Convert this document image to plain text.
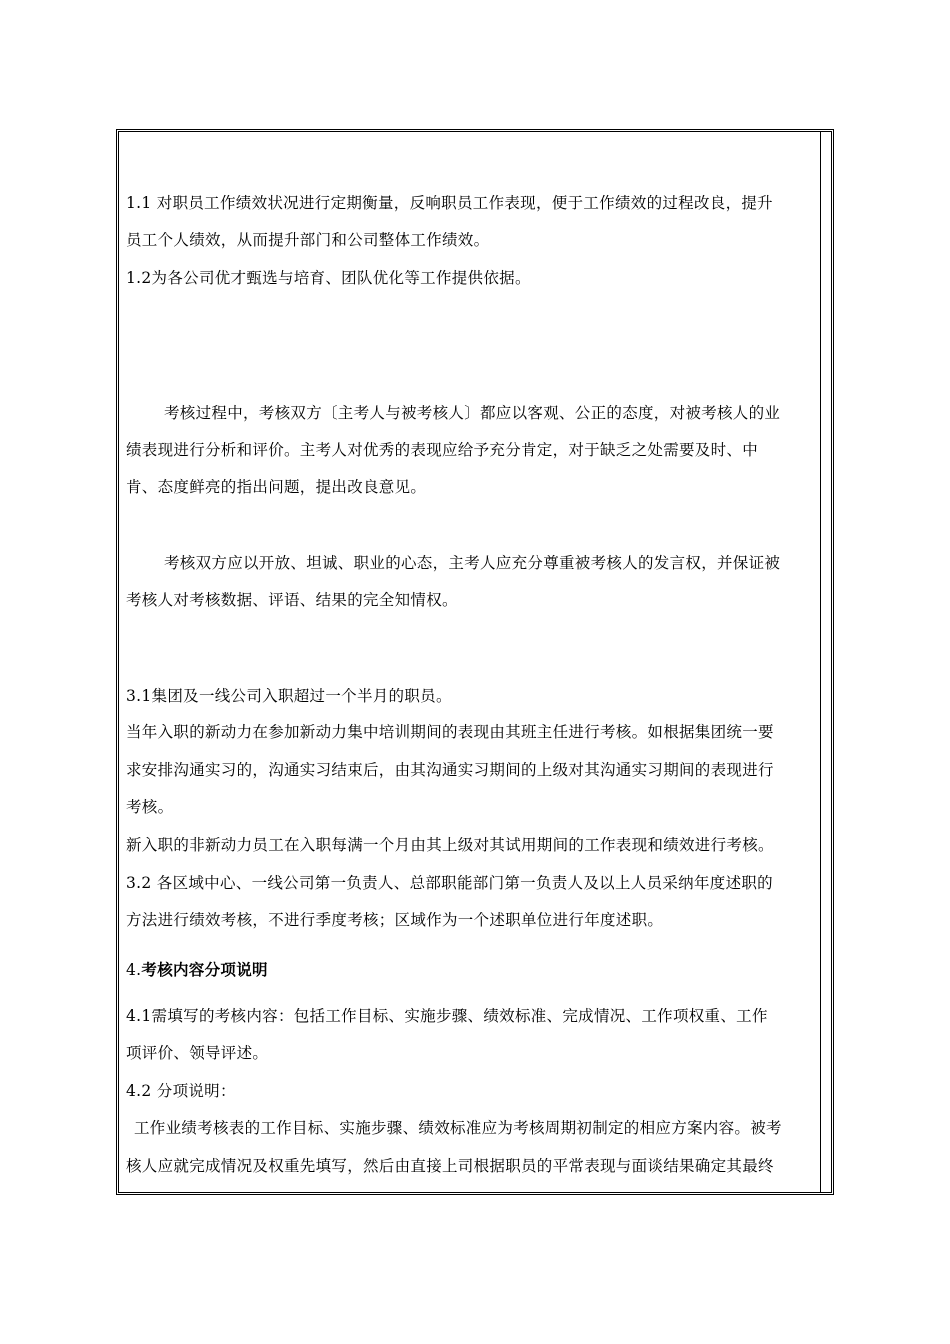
1.1 对职员工作绩效状况进行定期衡量，反响职员工作表现，便于工作绩效的过程改良，提升
员工个人绩效，从而提升部门和公司整体工作绩效。
1.2为各公司优才甄选与培育、团队优化等工作提供依据。
考核过程中，考核双方〔主考人与被考核人〕都应以客观、公正的态度，对被考核人的业
绩表现进行分析和评价。主考人对优秀的表现应给予充分肯定，对于缺乏之处需要及时、中
肯、态度鲜亮的指出问题，提出改良意见。
考核双方应以开放、坦诚、职业的心态，主考人应充分尊重被考核人的发言权，并保证被
考核人对考核数据、评语、结果的完全知情权。
3.1集团及一线公司入职超过一个半月的职员。
当年入职的新动力在参加新动力集中培训期间的表现由其班主任进行考核。如根据集团统一要
求安排沟通实习的，沟通实习结束后，由其沟通实习期间的上级对其沟通实习期间的表现进行
考核。
新入职的非新动力员工在入职每满一个月由其上级对其试用期间的工作表现和绩效进行考核。
3.2 各区域中心、一线公司第一负责人、总部职能部门第一负责人及以上人员采纳年度述职的
方法进行绩效考核，不进行季度考核；区域作为一个述职单位进行年度述职。
4.考核内容分项说明
4.1需填写的考核内容：包括工作目标、实施步骤、绩效标准、完成情况、工作项权重、工作
项评价、领导评述。
4.2 分项说明：
工作业绩考核表的工作目标、实施步骤、绩效标准应为考核周期初制定的相应方案内容。被考
核人应就完成情况及权重先填写，然后由直接上司根据职员的平常表现与面谈结果确定其最终
